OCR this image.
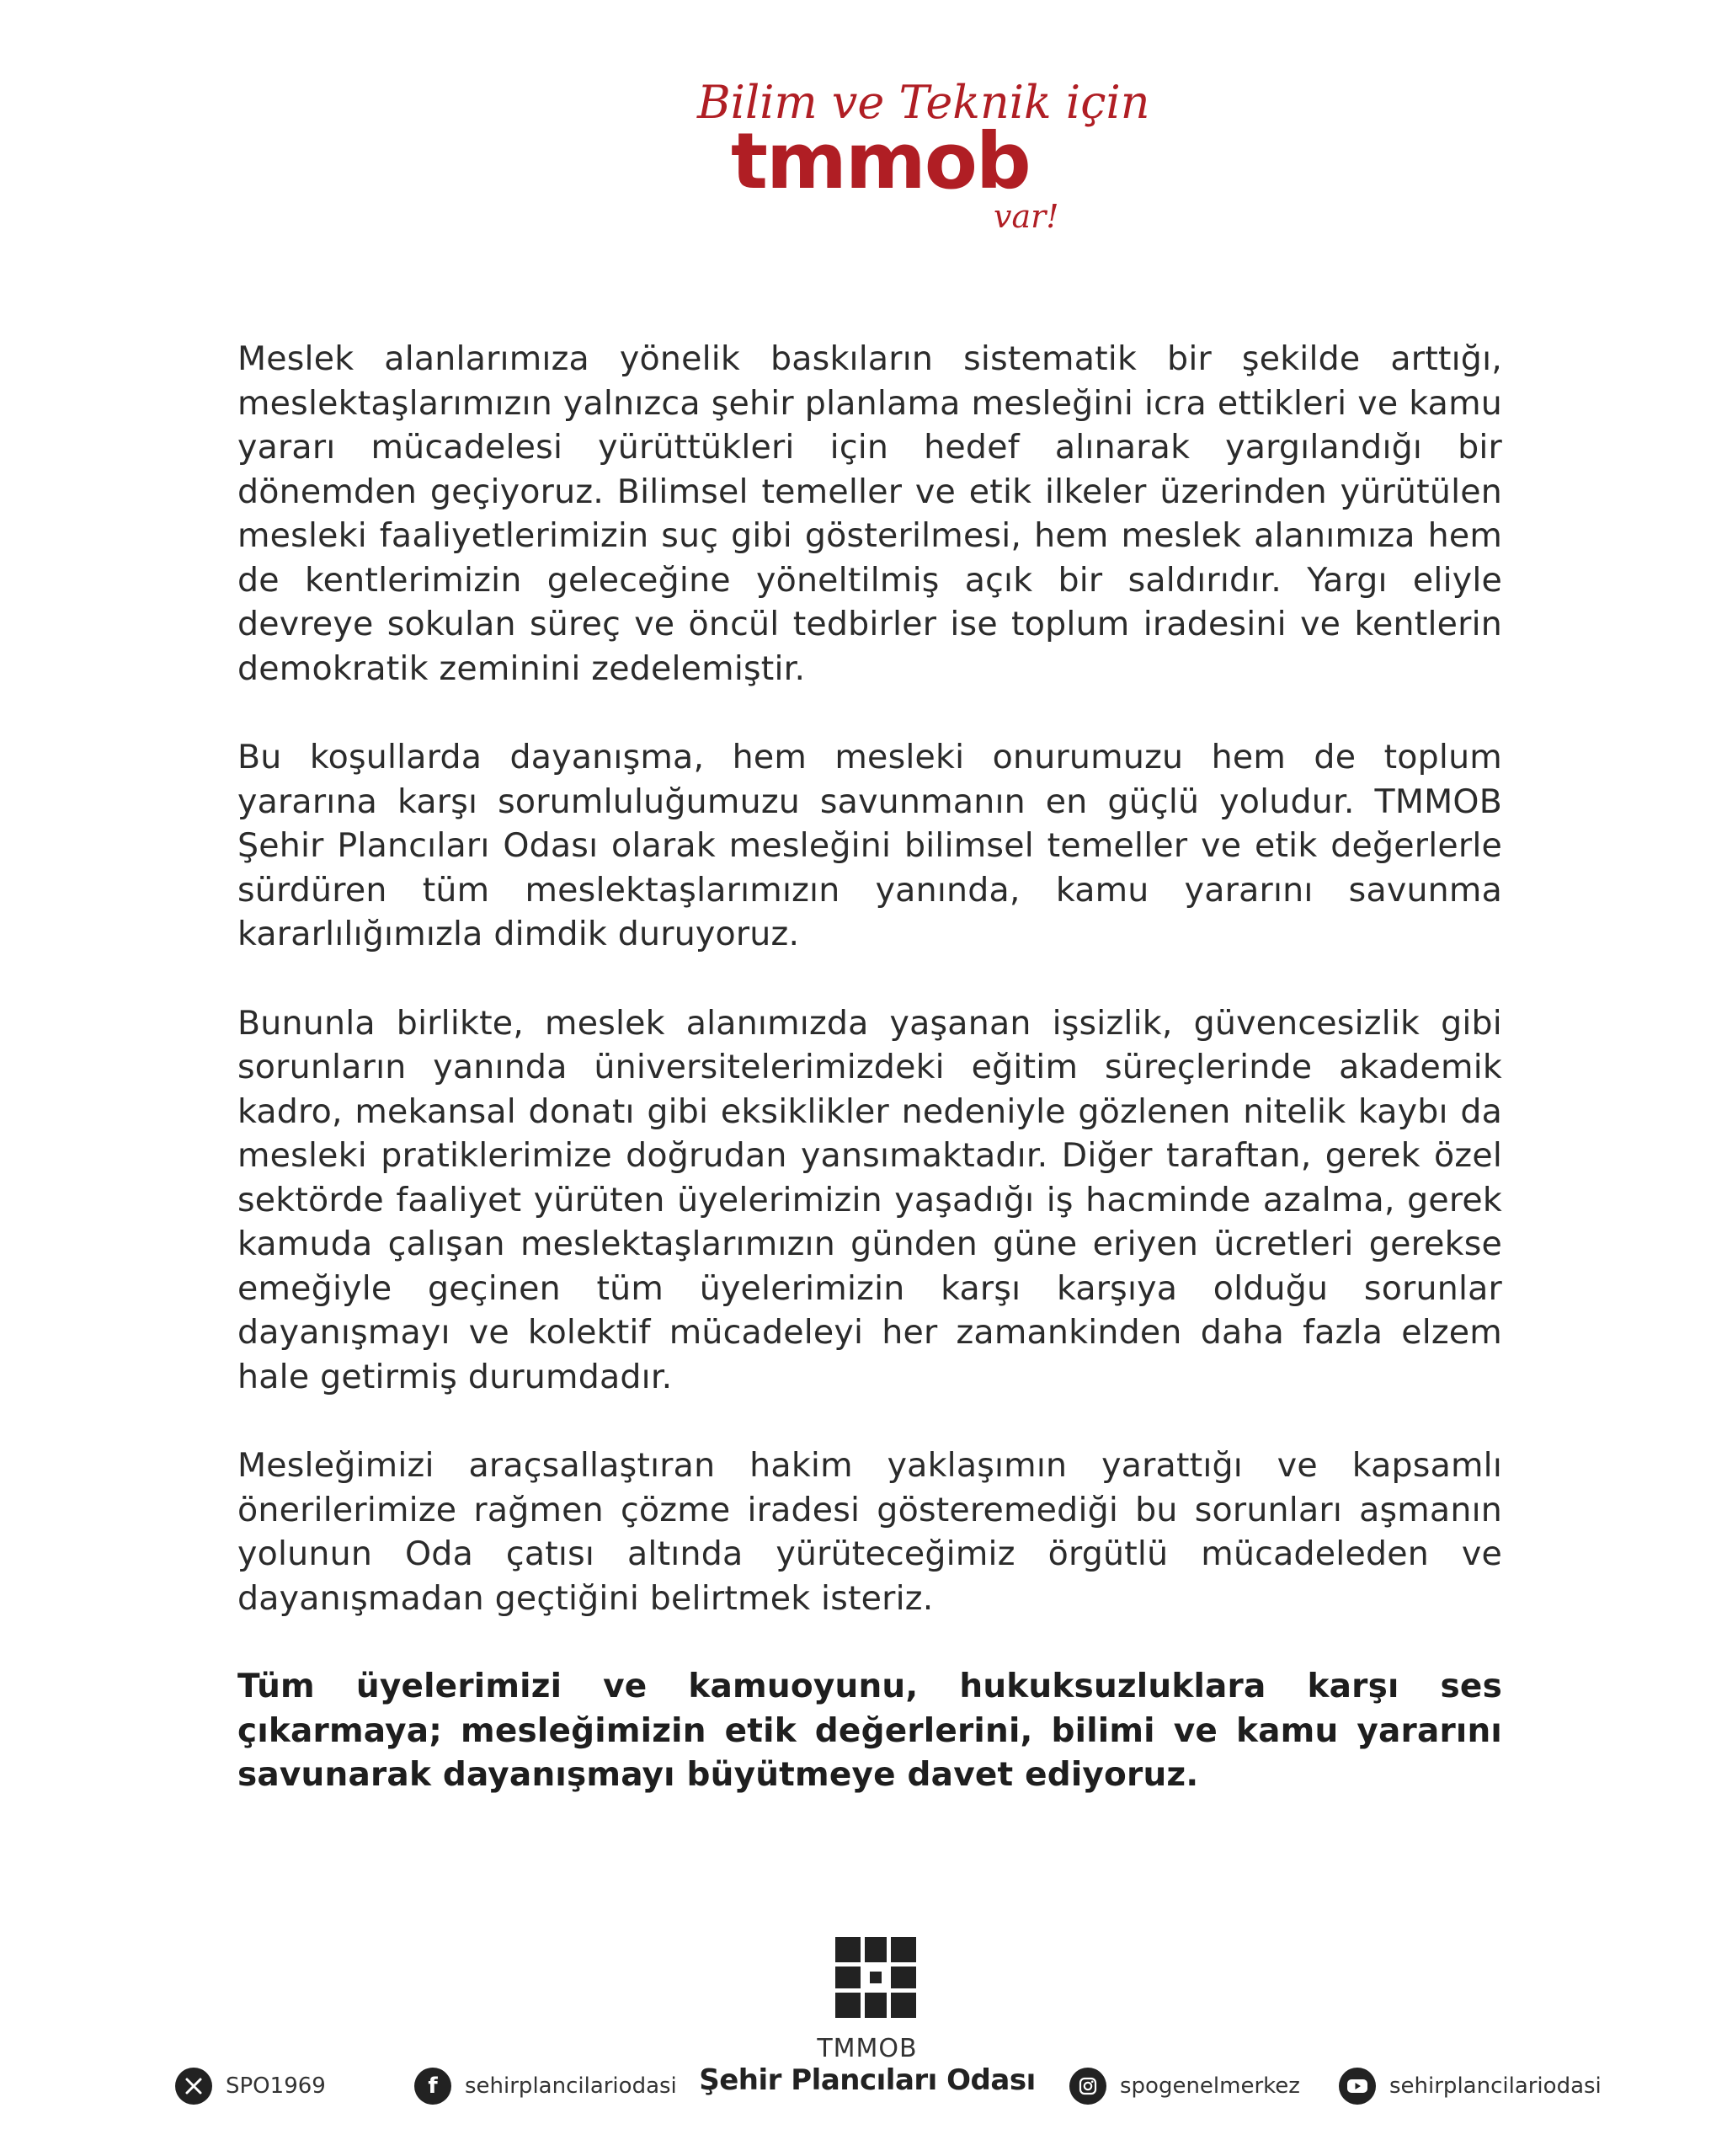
Bilim ve Teknik için
tmmob
var!

Meslek alanlarımıza yönelik baskıların sistematik bir şekilde arttığı, meslektaşlarımızın yalnızca şehir planlama mesleğini icra ettikleri ve kamu yararı mücadelesi yürüttükleri için hedef alınarak yargılandığı bir dönemden geçiyoruz. Bilimsel temeller ve etik ilkeler üzerinden yürütülen mesleki faaliyetlerimizin suç gibi gösterilmesi, hem meslek alanımıza hem de kentlerimizin geleceğine yöneltilmiş açık bir saldırıdır. Yargı eliyle devreye sokulan süreç ve öncül tedbirler ise toplum iradesini ve kentlerin demokratik zeminini zedelemiştir.

Bu koşullarda dayanışma, hem mesleki onurumuzu hem de toplum yararına karşı sorumluluğumuzu savunmanın en güçlü yoludur. TMMOB Şehir Plancıları Odası olarak mesleğini bilimsel temeller ve etik değerlerle sürdüren tüm meslektaşlarımızın yanında, kamu yararını savunma kararlılığımızla dimdik duruyoruz.

Bununla birlikte, meslek alanımızda yaşanan işsizlik, güvencesizlik gibi sorunların yanında üniversitelerimizdeki eğitim süreçlerinde akademik kadro, mekansal donatı gibi eksiklikler nedeniyle gözlenen nitelik kaybı da mesleki pratiklerimize doğrudan yansımaktadır. Diğer taraftan, gerek özel sektörde faaliyet yürüten üyelerimizin yaşadığı iş hacminde azalma, gerek kamuda çalışan meslektaşlarımızın günden güne eriyen ücretleri gerekse emeğiyle geçinen tüm üyelerimizin karşı karşıya olduğu sorunlar dayanışmayı ve kolektif mücadeleyi her zamankinden daha fazla elzem hale getirmiş durumdadır.

Mesleğimizi araçsallaştıran hakim yaklaşımın yarattığı ve kapsamlı önerilerimize rağmen çözme iradesi gösteremediği bu sorunları aşmanın yolunun Oda çatısı altında yürüteceğimiz örgütlü mücadeleden ve dayanışmadan geçtiğini belirtmek isteriz.

Tüm üyelerimizi ve kamuoyunu, hukuksuzluklara karşı ses çıkarmaya; mesleğimizin etik değerlerini, bilimi ve kamu yararını savunarak dayanışmayı büyütmeye davet ediyoruz.

TMMOB
Şehir Plancıları Odası
SPO1969	f sehirplancilariodasi	spogenelmerkez	sehirplancilariodasi
